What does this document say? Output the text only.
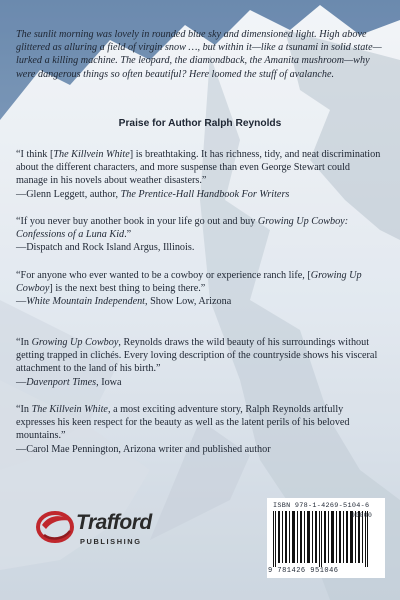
The sunlit morning was lovely in rounded blue sky and dimensioned light. High above glittered as alluring a field of virgin snow …, but within it—like a tsunami in solid state—lurked a killing machine. The leopard, the diamondback, the Amanita mushroom—why were dangerous things so often beautiful? Here loomed the stuff of avalanche.

Praise for Author Ralph Reynolds

“I think [The Killvein White] is breathtaking. It has richness, tidy, and neat discrimination about the different characters, and more suspense than even George Stewart could manage in his novels about weather disasters.”

—Glenn Leggett, author, The Prentice-Hall Handbook For Writers

“If you never buy another book in your life go out and buy Growing Up Cowboy: Confessions of a Luna Kid.”

—Dispatch and Rock Island Argus, Illinois.

“For anyone who ever wanted to be a cowboy or experience ranch life, [Growing Up Cowboy] is the next best thing to being there.”

—White Mountain Independent, Show Low, Arizona

“In Growing Up Cowboy, Reynolds draws the wild beauty of his surroundings without getting trapped in clichés. Every loving description of the countryside shows his visceral attachment to the land of his birth.”

—Davenport Times, Iowa

“In The Killvein White, a most exciting adventure story, Ralph Reynolds artfully expresses his keen respect for the beauty as well as the latent perils of his beloved mountains.”

—Carol Mae Pennington, Arizona writer and published author

Trafford
PUBLISHING
ISBN 978-1-4269-5104-6
90000
9 781426 951046
